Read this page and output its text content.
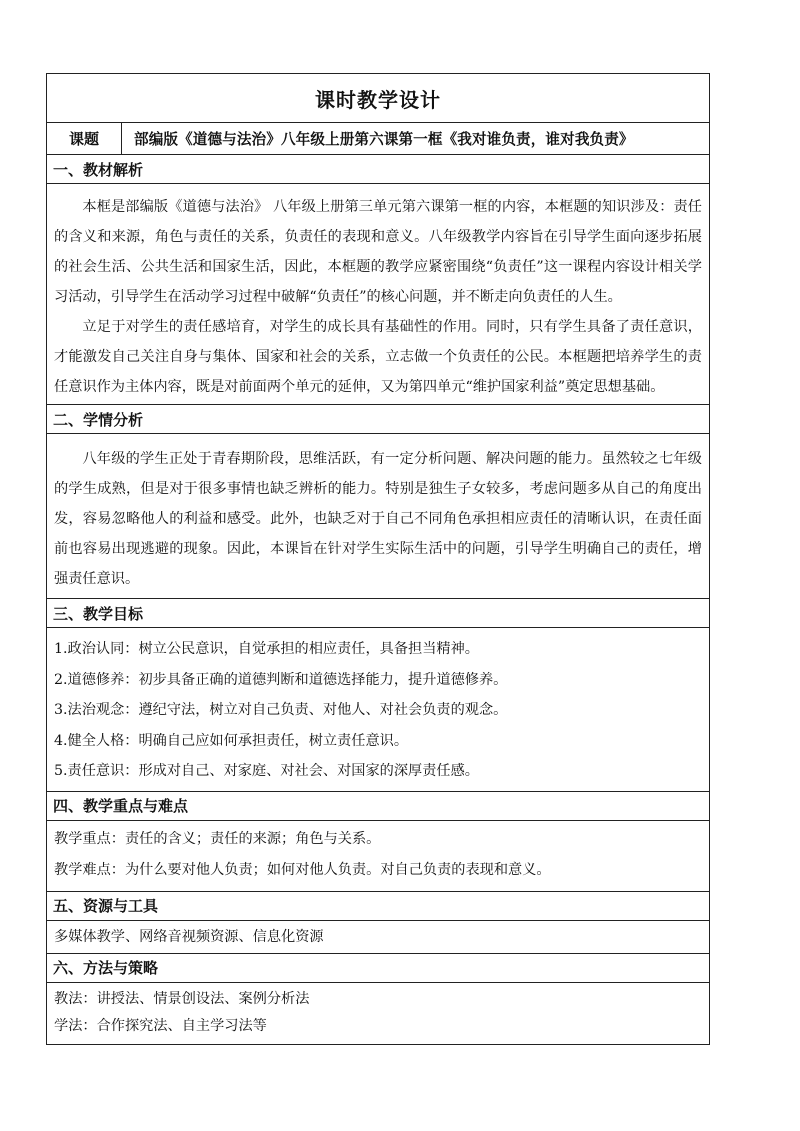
课时教学设计
课题	部编版《道德与法治》八年级上册第六课第一框《我对谁负责，谁对我负责》
一、教材解析

本框是部编版《道德与法治》 八年级上册第三单元第六课第一框的内容，本框题的知识涉及：责任的含义和来源，角色与责任的关系，负责任的表现和意义。八年级教学内容旨在引导学生面向逐步拓展的社会生活、公共生活和国家生活，因此，本框题的教学应紧密围绕“负责任”这一课程内容设计相关学习活动，引导学生在活动学习过程中破解“负责任”的核心问题，并不断走向负责任的人生。

立足于对学生的责任感培育，对学生的成长具有基础性的作用。同时，只有学生具备了责任意识，才能激发自己关注自身与集体、国家和社会的关系，立志做一个负责任的公民。本框题把培养学生的责任意识作为主体内容，既是对前面两个单元的延伸，又为第四单元“维护国家利益”奠定思想基础。

二、学情分析

八年级的学生正处于青春期阶段，思维活跃，有一定分析问题、解决问题的能力。虽然较之七年级的学生成熟，但是对于很多事情也缺乏辨析的能力。特别是独生子女较多，考虑问题多从自己的角度出发，容易忽略他人的利益和感受。此外，也缺乏对于自己不同角色承担相应责任的清晰认识，在责任面前也容易出现逃避的现象。因此，本课旨在针对学生实际生活中的问题，引导学生明确自己的责任，增强责任意识。

三、教学目标

1.政治认同：树立公民意识，自觉承担的相应责任，具备担当精神。

2.道德修养：初步具备正确的道德判断和道德选择能力，提升道德修养。

3.法治观念：遵纪守法，树立对自己负责、对他人、对社会负责的观念。

4.健全人格：明确自己应如何承担责任，树立责任意识。

5.责任意识：形成对自己、对家庭、对社会、对国家的深厚责任感。

四、教学重点与难点

教学重点：责任的含义；责任的来源；角色与关系。

教学难点：为什么要对他人负责；如何对他人负责。对自己负责的表现和意义。

五、资源与工具

多媒体教学、网络音视频资源、信息化资源

六、方法与策略

教法：讲授法、情景创设法、案例分析法

学法：合作探究法、自主学习法等
